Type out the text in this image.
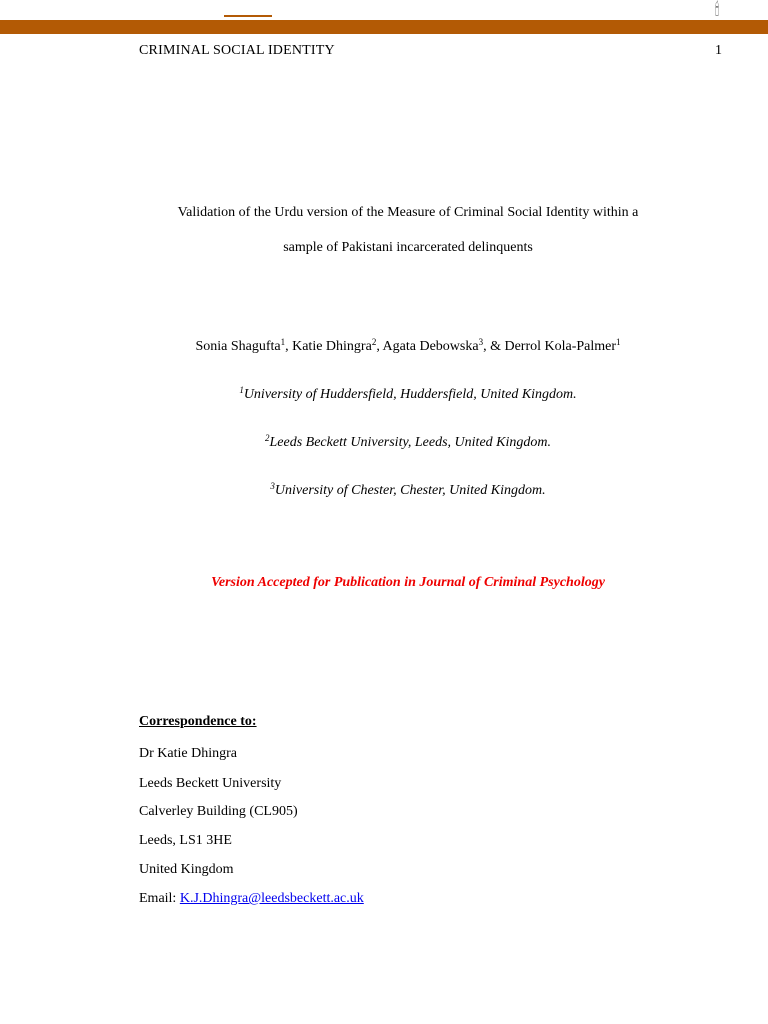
🕯
CRIMINAL SOCIAL IDENTITY	1
Validation of the Urdu version of the Measure of Criminal Social Identity within a
sample of Pakistani incarcerated delinquents
Sonia Shagufta$^1$, Katie Dhingra$^2$, Agata Debowska$^3$, & Derrol Kola-Palmer$^1$
$^1$University of Huddersfield, Huddersfield, United Kingdom.
$^2$Leeds Beckett University, Leeds, United Kingdom.
$^3$University of Chester, Chester, United Kingdom.
Version Accepted for Publication in Journal of Criminal Psychology
Correspondence to:
Dr Katie Dhingra
Leeds Beckett University
Calverley Building (CL905)
Leeds, LS1 3HE
United Kingdom
Email: K.J.Dhingra@leedsbeckett.ac.uk
